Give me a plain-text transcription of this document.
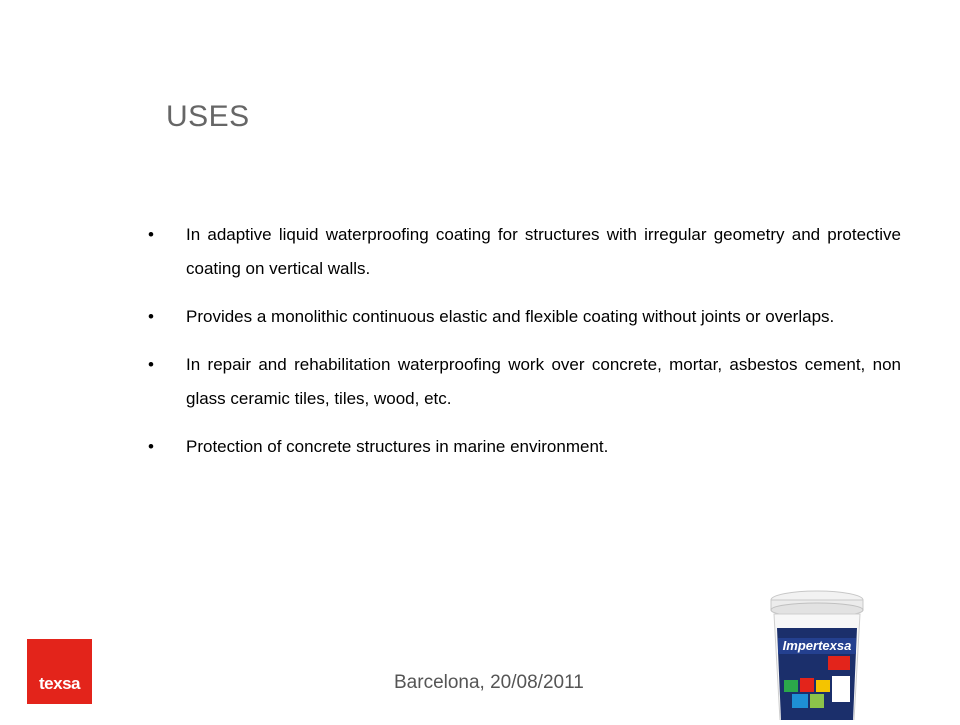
USES
• In adaptive liquid waterproofing coating for structures with irregular geometry and protective coating on vertical walls.
• Provides a monolithic continuous elastic and flexible coating without joints or overlaps.
• In repair and rehabilitation waterproofing work over concrete, mortar, asbestos cement, non glass ceramic tiles, tiles, wood, etc.
• Protection of concrete structures in marine environment.
texsa	Barcelona, 20/08/2011
Impertexsa
